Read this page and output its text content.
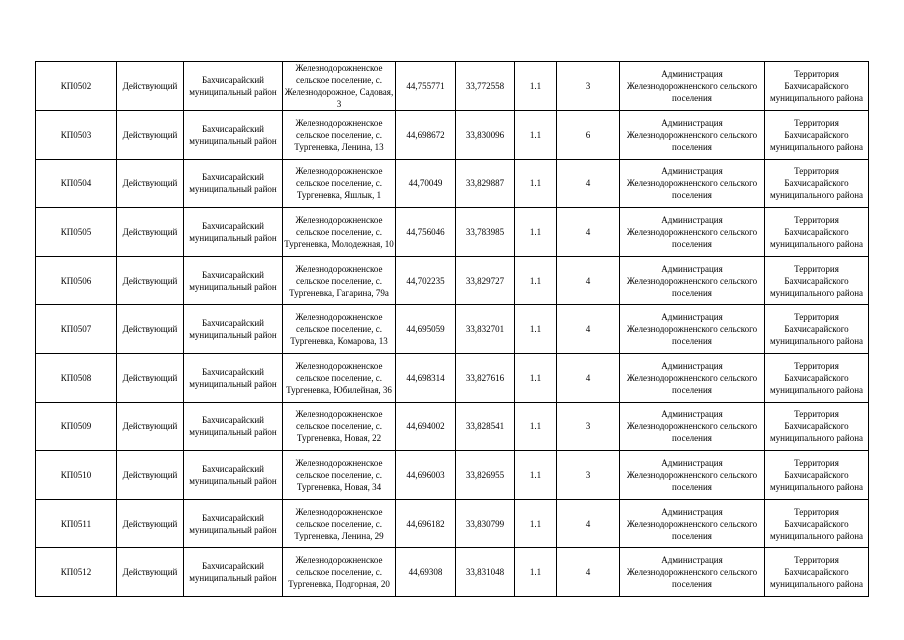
КП0502	Действующий	Бахчисарайский муниципальный район	Железнодорожненское сельское поселение, с. Железнодорожное, Садовая, 3	44,755771	33,772558	1.1	3	Администрация Железнодорожненского сельского поселения	Территория Бахчисарайского муниципального района
КП0503	Действующий	Бахчисарайский муниципальный район	Железнодорожненское сельское поселение, с. Тургеневка, Ленина, 13	44,698672	33,830096	1.1	6	Администрация Железнодорожненского сельского поселения	Территория Бахчисарайского муниципального района
КП0504	Действующий	Бахчисарайский муниципальный район	Железнодорожненское сельское поселение, с. Тургеневка, Яшлык, 1	44,70049	33,829887	1.1	4	Администрация Железнодорожненского сельского поселения	Территория Бахчисарайского муниципального района
КП0505	Действующий	Бахчисарайский муниципальный район	Железнодорожненское сельское поселение, с. Тургеневка, Молодежная, 10	44,756046	33,783985	1.1	4	Администрация Железнодорожненского сельского поселения	Территория Бахчисарайского муниципального района
КП0506	Действующий	Бахчисарайский муниципальный район	Железнодорожненское сельское поселение, с. Тургеневка, Гагарина, 79а	44,702235	33,829727	1.1	4	Администрация Железнодорожненского сельского поселения	Территория Бахчисарайского муниципального района
КП0507	Действующий	Бахчисарайский муниципальный район	Железнодорожненское сельское поселение, с. Тургеневка, Комарова, 13	44,695059	33,832701	1.1	4	Администрация Железнодорожненского сельского поселения	Территория Бахчисарайского муниципального района
КП0508	Действующий	Бахчисарайский муниципальный район	Железнодорожненское сельское поселение, с. Тургеневка, Юбилейная, 36	44,698314	33,827616	1.1	4	Администрация Железнодорожненского сельского поселения	Территория Бахчисарайского муниципального района
КП0509	Действующий	Бахчисарайский муниципальный район	Железнодорожненское сельское поселение, с. Тургеневка, Новая, 22	44,694002	33,828541	1.1	3	Администрация Железнодорожненского сельского поселения	Территория Бахчисарайского муниципального района
КП0510	Действующий	Бахчисарайский муниципальный район	Железнодорожненское сельское поселение, с. Тургеневка, Новая, 34	44,696003	33,826955	1.1	3	Администрация Железнодорожненского сельского поселения	Территория Бахчисарайского муниципального района
КП0511	Действующий	Бахчисарайский муниципальный район	Железнодорожненское сельское поселение, с. Тургеневка, Ленина, 29	44,696182	33,830799	1.1	4	Администрация Железнодорожненского сельского поселения	Территория Бахчисарайского муниципального района
КП0512	Действующий	Бахчисарайский муниципальный район	Железнодорожненское сельское поселение, с. Тургеневка, Подгорная, 20	44,69308	33,831048	1.1	4	Администрация Железнодорожненского сельского поселения	Территория Бахчисарайского муниципального района
